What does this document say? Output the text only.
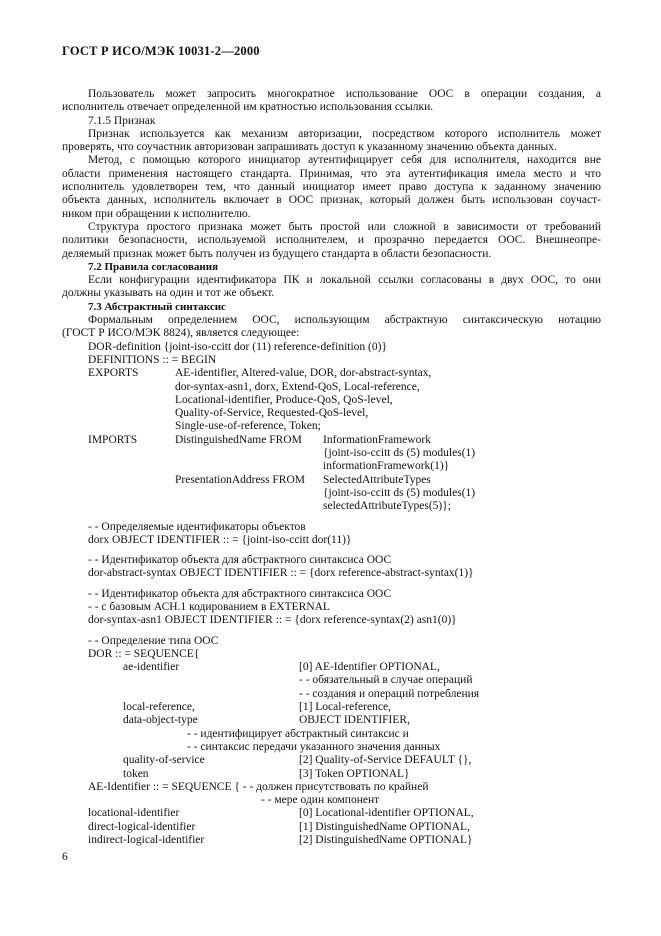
ГОСТ Р ИСО/МЭК 10031-2—2000

Пользователь может запросить многократное использование ООС в операции создания, а

исполнитель отвечает определенной им кратностью использования ссылки.

7.1.5 Признак

Признак используется как механизм авторизации, посредством которого исполнитель может

проверять, что соучастник авторизован запрашивать доступ к указанному значению объекта данных.

Метод, с помощью которого инициатор аутентифицирует себя для исполнителя, находится вне

области применения настоящего стандарта. Принимая, что эта аутентификация имела место и что

исполнитель удовлетворен тем, что данный инициатор имеет право доступа к заданному значению

объекта данных, исполнитель включает в ООС признак, который должен быть использован соучаст-

ником при обращении к исполнителю.

Структура простого признака может быть простой или сложной в зависимости от требований

политики безопасности, используемой исполнителем, и прозрачно передается ООС. Внешнеопре-

деляемый признак может быть получен из будущего стандарта в области безопасности.

7.2 Правила согласования

Если конфигурации идентификатора ПК и локальной ссылки согласованы в двух ООС, то они

должны указывать на один и тот же объект.

7.3 Абстрактный синтаксис

Формальным определением ООС, использующим абстрактную синтаксическую нотацию

(ГОСТ Р ИСО/МЭК 8824), является следующее:

DOR-definition {joint-iso-ccitt dor (11) reference-definition (0)}
DEFINITIONS :: = BEGIN
EXPORTS	AE-identifier, Altered-value, DOR, dor-abstract-syntax,
dor-syntax-asn1, dorx, Extend-QoS, Local-reference,
Locational-identifier, Produce-QoS, QoS-level,
Quality-of-Service, Requested-QoS-level,
Single-use-of-reference, Token;
IMPORTS	DistinguishedName FROM InformationFramework
{joint-iso-ccitt ds (5) modules(1)
informationFramework(1)}
PresentationAddress FROM SelectedAttributeTypes
{joint-iso-ccitt ds (5) modules(1)
selectedAttributeTypes(5)};
- - Определяемые идентификаторы объектов
dorx OBJECT IDENTIFIER :: = {joint-iso-ccitt dor(11)}
- - Идентификатор объекта для абстрактного синтаксиса ООС
dor-abstract-syntax OBJECT IDENTIFIER :: = {dorx reference-abstract-syntax(1)}
- - Идентификатор объекта для абстрактного синтаксиса ООС
- - с базовым АСН.1 кодированием в EXTERNAL
dor-syntax-asn1 OBJECT IDENTIFIER :: = {dorx reference-syntax(2) asn1(0)}
- - Определение типа ООС
DOR :: = SEQUENCE{
ae-identifier	[0] AE-Identifier OPTIONAL,
- - обязательный в случае операций
- - создания и операций потребления
local-reference,	[1] Local-reference,
data-object-type	OBJECT IDENTIFIER,
- - идентифицирует абстрактный синтаксис и
- - синтаксис передачи указанного значения данных
quality-of-service	[2] Quality-of-Service DEFAULT {},
token	[3] Token OPTIONAL}
AE-Identifier :: = SEQUENCE { - - должен присутствовать по крайней
- - мере один компонент
locational-identifier	[0] Locational-identifier OPTIONAL,
direct-logical-identifier	[1] DistinguishedName OPTIONAL,
indirect-logical-identifier	[2] DistinguishedName OPTIONAL}
6
